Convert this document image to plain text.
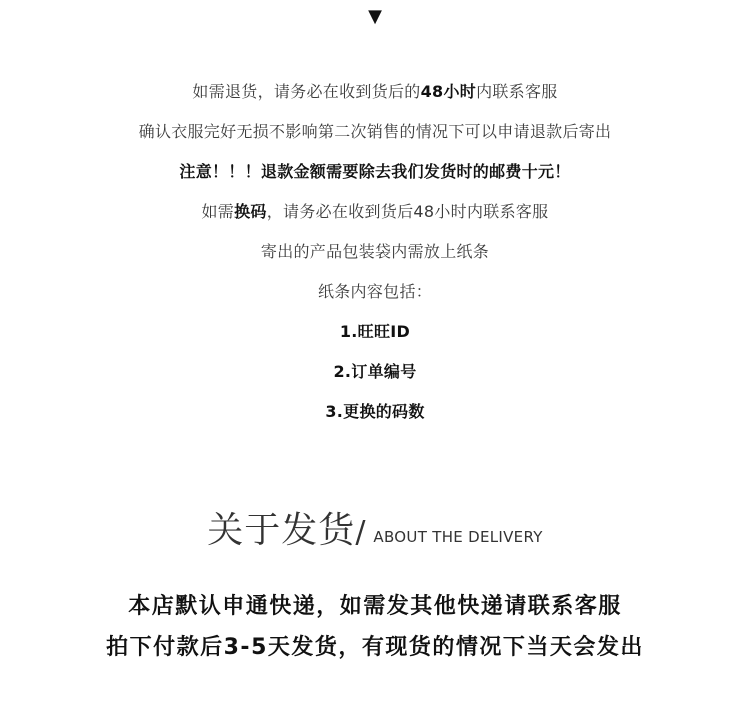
▼
如需退货，请务必在收到货后的48小时内联系客服
确认衣服完好无损不影响第二次销售的情况下可以申请退款后寄出
注意！！！退款金额需要除去我们发货时的邮费十元！
如需换码，请务必在收到货后48小时内联系客服
寄出的产品包装袋内需放上纸条
纸条内容包括：
1.旺旺ID
2.订单编号
3.更换的码数
关于发货/ ABOUT THE DELIVERY
本店默认申通快递，如需发其他快递请联系客服
拍下付款后3-5天发货，有现货的情况下当天会发出
